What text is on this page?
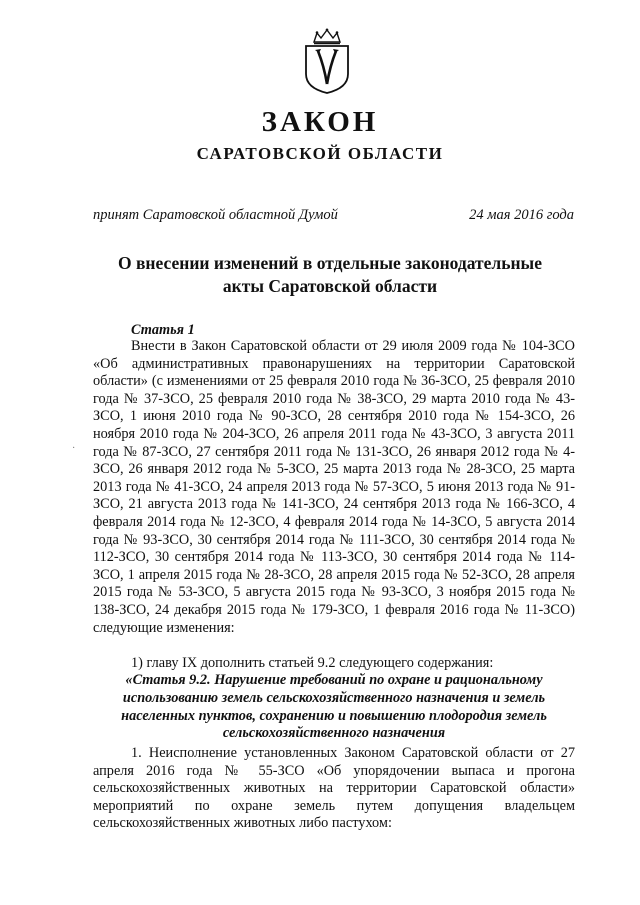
ЗАКОН
САРАТОВСКОЙ ОБЛАСТИ
принят Саратовской областной Думой	24 мая 2016 года
О внесении изменений в отдельные законодательные
акты Саратовской области
Статья 1
Внести в Закон Саратовской области от 29 июля 2009 года № 104-ЗСО «Об административных правонарушениях на территории Саратовской области» (с изменениями от 25 февраля 2010 года № 36-ЗСО, 25 февраля 2010 года № 37-ЗСО, 25 февраля 2010 года № 38-ЗСО, 29 марта 2010 года № 43-ЗСО, 1 июня 2010 года № 90-ЗСО, 28 сентября 2010 года № 154-ЗСО, 26 ноября 2010 года № 204-ЗСО, 26 апреля 2011 года № 43-ЗСО, 3 августа 2011 года № 87-ЗСО, 27 сентября 2011 года № 131-ЗСО, 26 января 2012 года № 4-ЗСО, 26 января 2012 года № 5-ЗСО, 25 марта 2013 года № 28-ЗСО, 25 марта 2013 года № 41-ЗСО, 24 апреля 2013 года № 57-ЗСО, 5 июня 2013 года № 91-ЗСО, 21 августа 2013 года № 141-ЗСО, 24 сентября 2013 года № 166-ЗСО, 4 февраля 2014 года № 12-ЗСО, 4 февраля 2014 года № 14-ЗСО, 5 августа 2014 года № 93-ЗСО, 30 сентября 2014 года № 111-ЗСО, 30 сентября 2014 года № 112-ЗСО, 30 сентября 2014 года № 113-ЗСО, 30 сентября 2014 года № 114-ЗСО, 1 апреля 2015 года № 28-ЗСО, 28 апреля 2015 года № 52-ЗСО, 28 апреля 2015 года № 53-ЗСО, 5 августа 2015 года № 93-ЗСО, 3 ноября 2015 года № 138-ЗСО, 24 декабря 2015 года № 179-ЗСО, 1 февраля 2016 года № 11-ЗСО) следующие изменения:
1) главу IX дополнить статьей 9.2 следующего содержания:
«Статья 9.2. Нарушение требований по охране и рациональному использованию земель сельскохозяйственного назначения и земель населенных пунктов, сохранению и повышению плодородия земель сельскохозяйственного назначения
1. Неисполнение установленных Законом Саратовской области от 27 апреля 2016 года № 55-ЗСО «Об упорядочении выпаса и прогона сельскохозяйственных животных на территории Саратовской области» мероприятий по охране земель путем допущения владельцем сельскохозяйственных животных либо пастухом:
·
